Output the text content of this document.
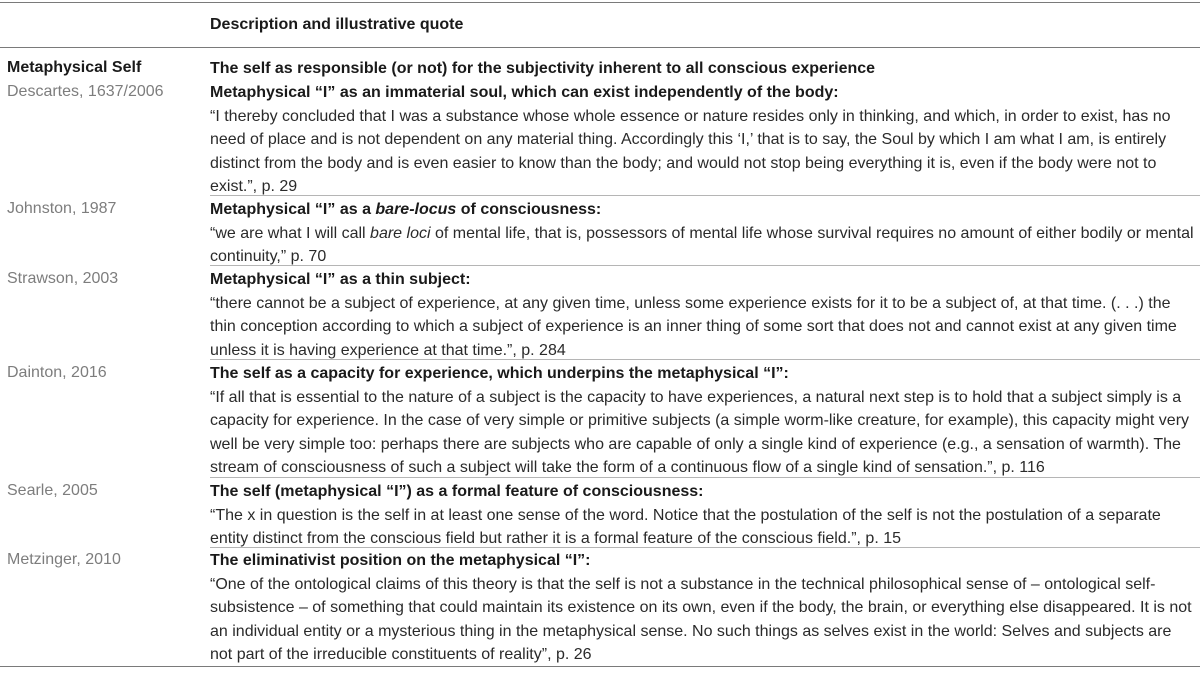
Description and illustrative quote
Metaphysical Self	The self as responsible (or not) for the subjectivity inherent to all conscious experience
Descartes, 1637/2006	Metaphysical “I” as an immaterial soul, which can exist independently of the body:
“I thereby concluded that I was a substance whose whole essence or nature resides only in thinking, and which, in order to exist, has no need of place and is not dependent on any material thing. Accordingly this ‘I,’ that is to say, the Soul by which I am what I am, is entirely distinct from the body and is even easier to know than the body; and would not stop being everything it is, even if the body were not to exist.”, p. 29
Johnston, 1987	Metaphysical “I” as a bare-locus of consciousness:
“we are what I will call bare loci of mental life, that is, possessors of mental life whose survival requires no amount of either bodily or mental continuity,” p. 70
Strawson, 2003	Metaphysical “I” as a thin subject:
“there cannot be a subject of experience, at any given time, unless some experience exists for it to be a subject of, at that time. (. . .) the thin conception according to which a subject of experience is an inner thing of some sort that does not and cannot exist at any given time unless it is having experience at that time.”, p. 284
Dainton, 2016	The self as a capacity for experience, which underpins the metaphysical “I”:
“If all that is essential to the nature of a subject is the capacity to have experiences, a natural next step is to hold that a subject simply is a capacity for experience. In the case of very simple or primitive subjects (a simple worm-like creature, for example), this capacity might very well be very simple too: perhaps there are subjects who are capable of only a single kind of experience (e.g., a sensation of warmth). The stream of consciousness of such a subject will take the form of a continuous flow of a single kind of sensation.”, p. 116
Searle, 2005	The self (metaphysical “I”) as a formal feature of consciousness:
“The x in question is the self in at least one sense of the word. Notice that the postulation of the self is not the postulation of a separate entity distinct from the conscious field but rather it is a formal feature of the conscious field.”, p. 15
Metzinger, 2010	The eliminativist position on the metaphysical “I”:
“One of the ontological claims of this theory is that the self is not a substance in the technical philosophical sense of – ontological self-subsistence – of something that could maintain its existence on its own, even if the body, the brain, or everything else disappeared. It is not an individual entity or a mysterious thing in the metaphysical sense. No such things as selves exist in the world: Selves and subjects are not part of the irreducible constituents of reality”, p. 26
